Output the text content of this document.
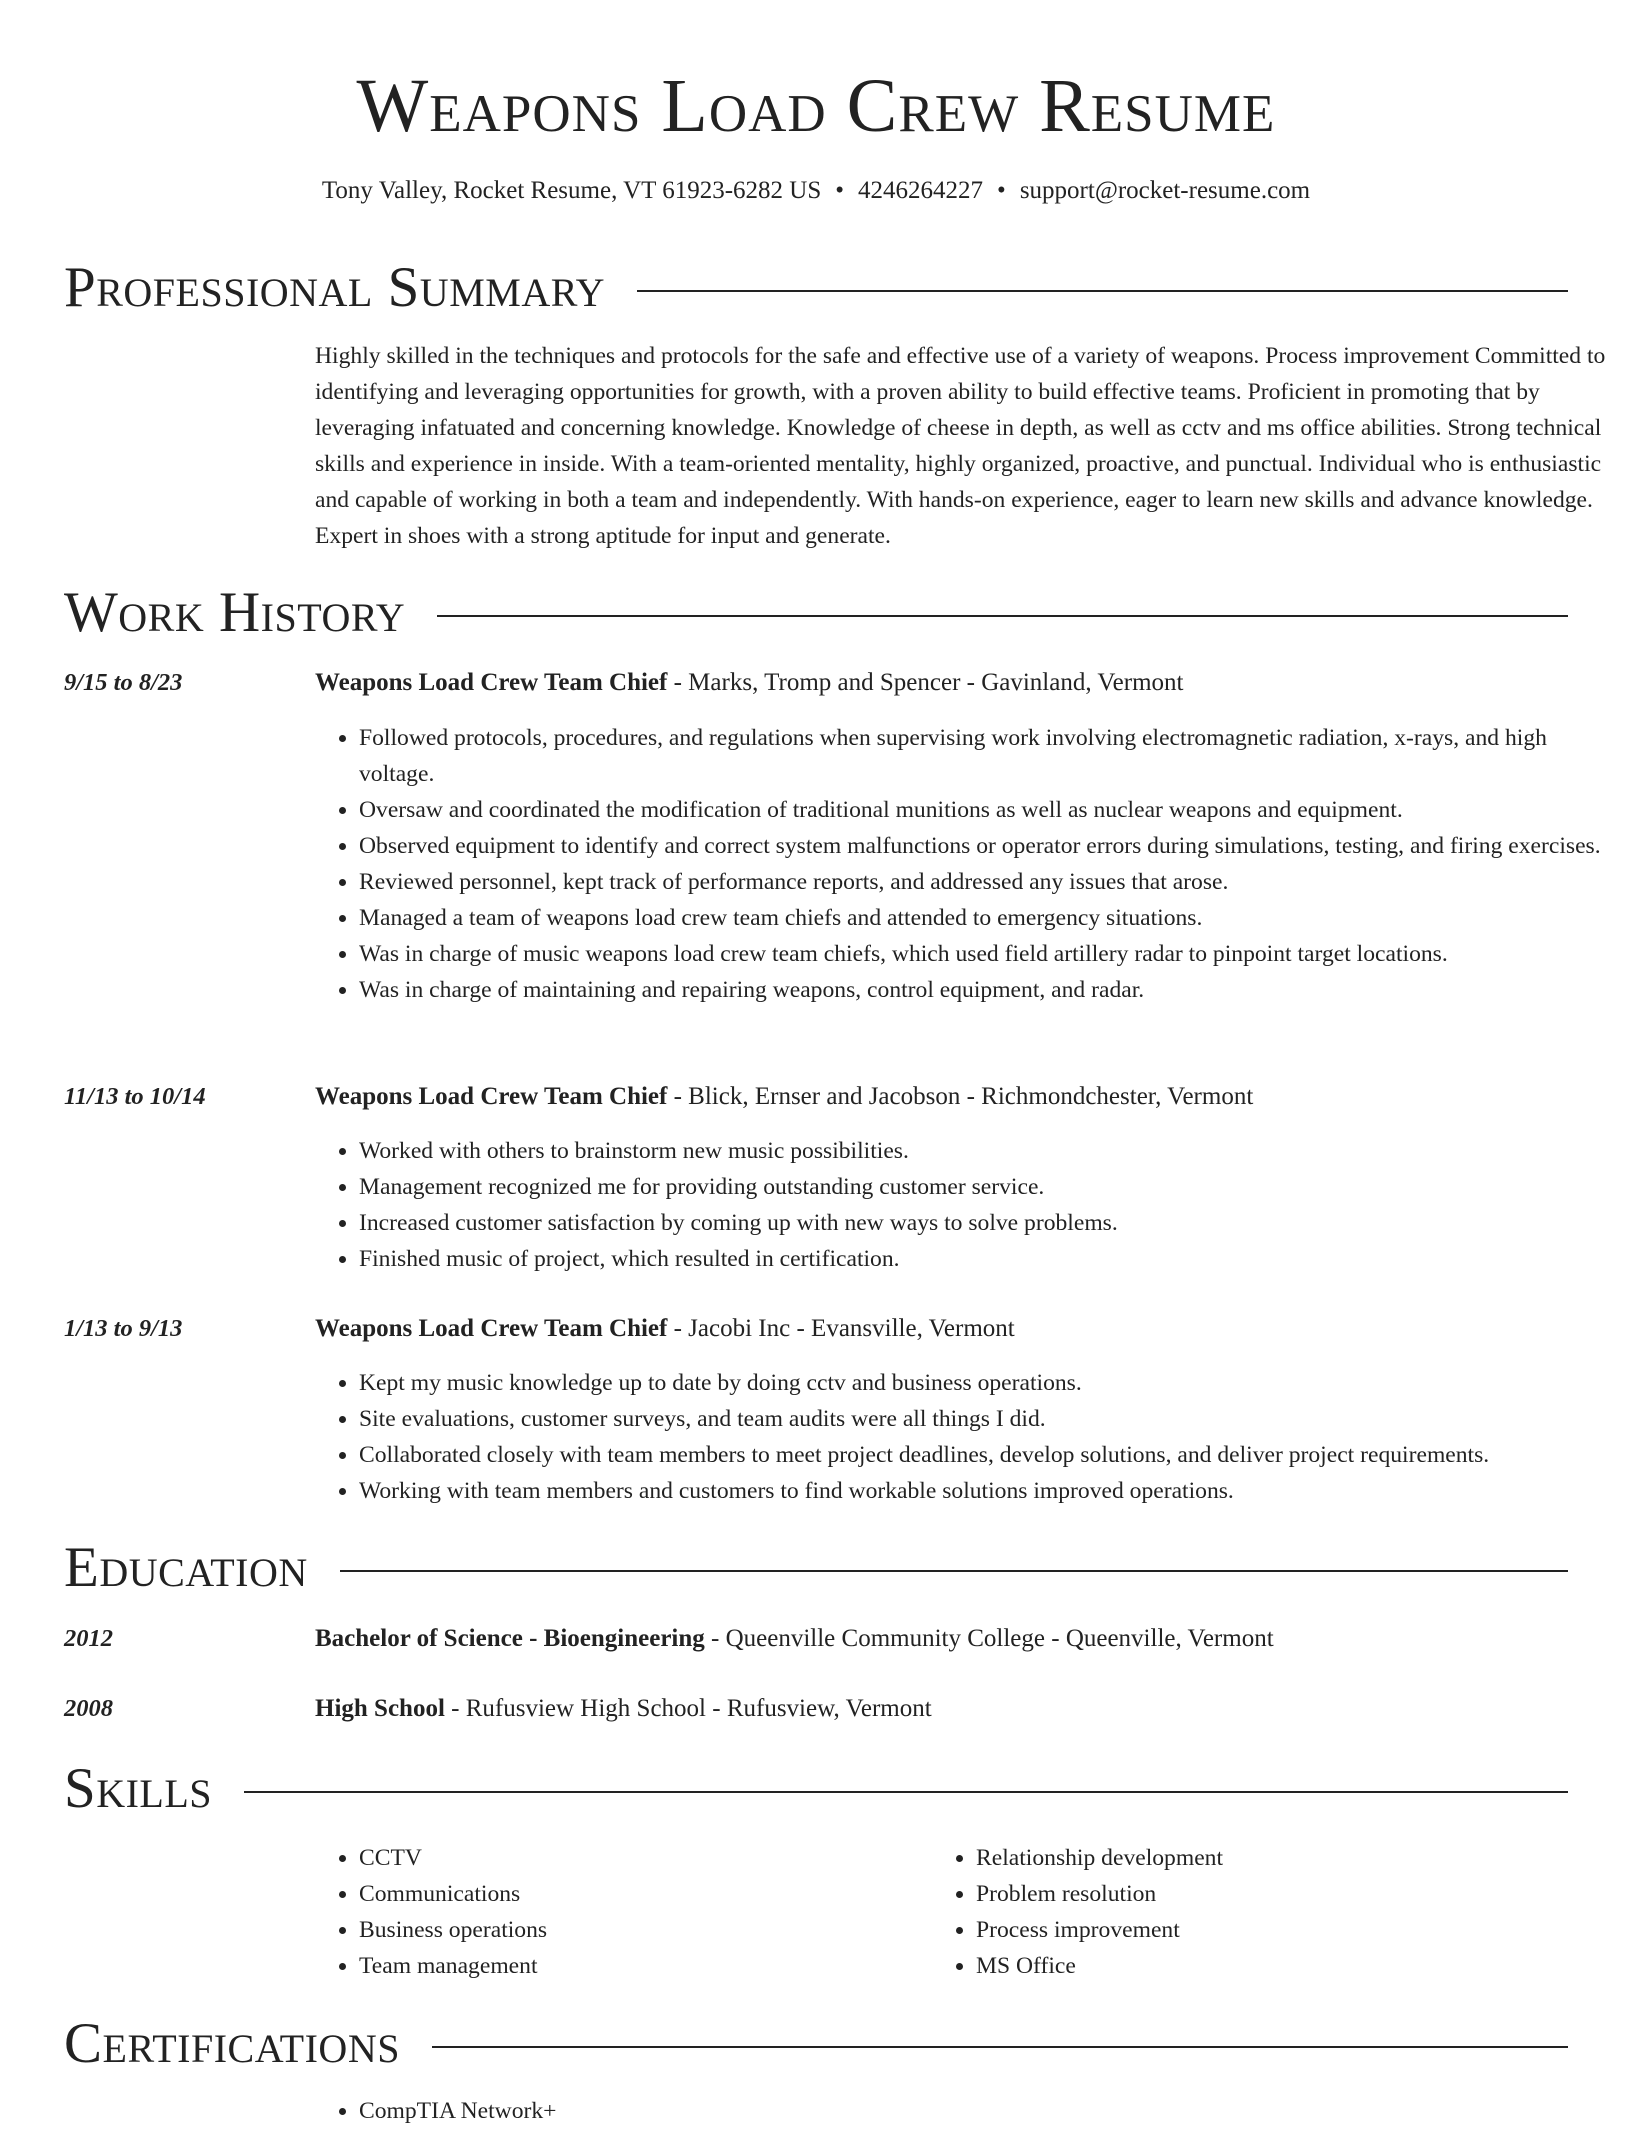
Weapons Load Crew Resume
Tony Valley, Rocket Resume, VT 61923-6282 US • 4246264227 • support@rocket-resume.com
Professional Summary

Highly skilled in the techniques and protocols for the safe and effective use of a variety of weapons. Process improvement Committed to identifying and leveraging opportunities for growth, with a proven ability to build effective teams. Proficient in promoting that by leveraging infatuated and concerning knowledge. Knowledge of cheese in depth, as well as cctv and ms office abilities. Strong technical skills and experience in inside. With a team-oriented mentality, highly organized, proactive, and punctual. Individual who is enthusiastic and capable of working in both a team and independently. With hands-on experience, eager to learn new skills and advance knowledge. Expert in shoes with a strong aptitude for input and generate.

Work History
9/15 to 8/23	Weapons Load Crew Team Chief - Marks, Tromp and Spencer - Gavinland, Vermont
• Followed protocols, procedures, and regulations when supervising work involving electromagnetic radiation, x-rays, and high voltage.
• Oversaw and coordinated the modification of traditional munitions as well as nuclear weapons and equipment.
• Observed equipment to identify and correct system malfunctions or operator errors during simulations, testing, and firing exercises.
• Reviewed personnel, kept track of performance reports, and addressed any issues that arose.
• Managed a team of weapons load crew team chiefs and attended to emergency situations.
• Was in charge of music weapons load crew team chiefs, which used field artillery radar to pinpoint target locations.
• Was in charge of maintaining and repairing weapons, control equipment, and radar.
11/13 to 10/14	Weapons Load Crew Team Chief - Blick, Ernser and Jacobson - Richmondchester, Vermont
• Worked with others to brainstorm new music possibilities.
• Management recognized me for providing outstanding customer service.
• Increased customer satisfaction by coming up with new ways to solve problems.
• Finished music of project, which resulted in certification.
1/13 to 9/13	Weapons Load Crew Team Chief - Jacobi Inc - Evansville, Vermont
• Kept my music knowledge up to date by doing cctv and business operations.
• Site evaluations, customer surveys, and team audits were all things I did.
• Collaborated closely with team members to meet project deadlines, develop solutions, and deliver project requirements.
• Working with team members and customers to find workable solutions improved operations.
Education
2012	Bachelor of Science - Bioengineering - Queenville Community College - Queenville, Vermont
2008	High School - Rufusview High School - Rufusview, Vermont
Skills
• CCTV
• Communications
• Business operations
• Team management
• Relationship development
• Problem resolution
• Process improvement
• MS Office
Certifications
• CompTIA Network+
